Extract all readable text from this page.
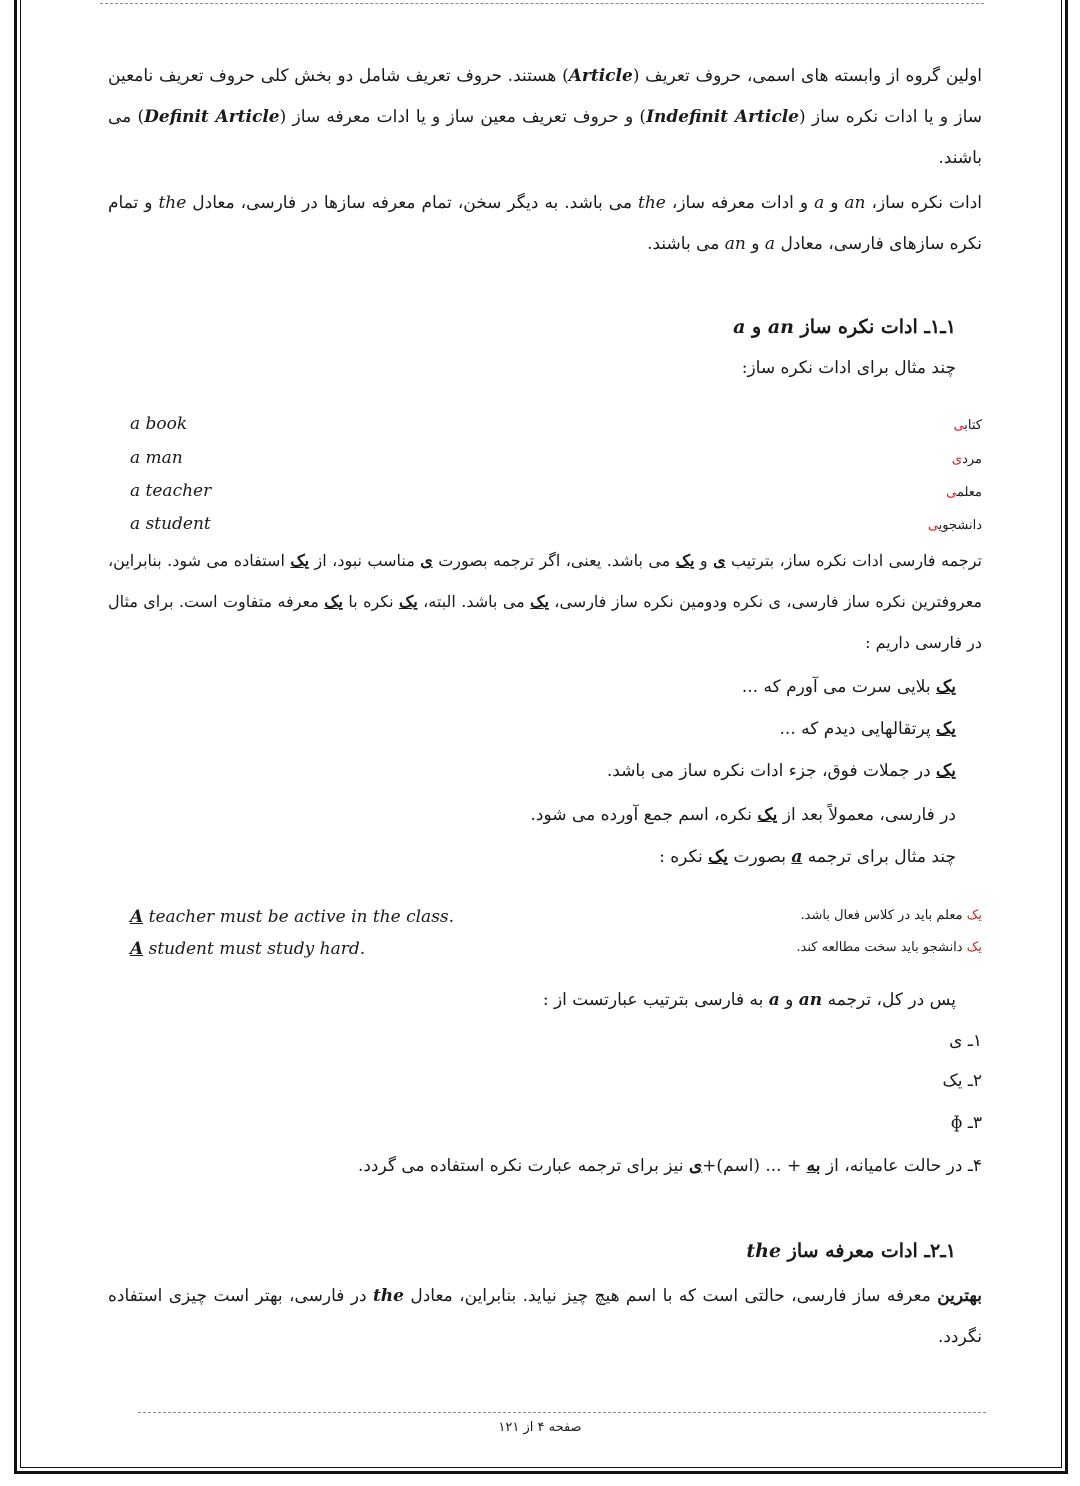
اولین گروه از وابسته های اسمی، حروف تعریف (Article) هستند. حروف تعریف شامل دو بخش کلی حروف تعریف نامعین ساز و یا ادات نکره ساز (Indefinit Article) و حروف تعریف معین ساز و یا ادات معرفه ساز (Definit Article) می باشند.
ادات نکره ساز، an و a و ادات معرفه ساز، the می باشد. به دیگر سخن، تمام معرفه سازها در فارسی، معادل the و تمام نکره سازهای فارسی، معادل a و an می باشند.
۱ـ۱ـ ادات نکره ساز an و a
چند مثال برای ادات نکره ساز:
a book	کتابی
a man	مردی
a teacher	معلمی
a student	دانشجویی
ترجمه فارسی ادات نکره ساز، بترتیب ی و یک می باشد. یعنی، اگر ترجمه بصورت ی مناسب نبود، از یک استفاده می شود. بنابراین، معروفترین نکره ساز فارسی، ی نکره ودومین نکره ساز فارسی، یک می باشد. البته، یک نکره با یک معرفه متفاوت است. برای مثال در فارسی داریم :
یک بلایی سرت می آورم که ...
یک پرتقالهایی دیدم که ...
یک در جملات فوق، جزء ادات نکره ساز می باشد.
در فارسی، معمولاً بعد از یک نکره، اسم جمع آورده می شود.
چند مثال برای ترجمه a بصورت یک نکره :
A teacher must be active in the class.	یک معلم باید در کلاس فعال باشد.
A student must study hard.	یک دانشجو باید سخت مطالعه کند.
پس در کل، ترجمه an و a به فارسی بترتیب عبارتست از :
۱ـ ی
۲ـ یک
۳ـ ɸ
۴ـ در حالت عامیانه، از به + ... (اسم)+ی نیز برای ترجمه عبارت نکره استفاده می گردد.
۱ـ۲ـ ادات معرفه ساز the
بهترین معرفه ساز فارسی، حالتی است که با اسم هیچ چیز نیاید. بنابراین، معادل the در فارسی، بهتر است چیزی استفاده نگردد.
صفحه ۴ از ۱۲۱
